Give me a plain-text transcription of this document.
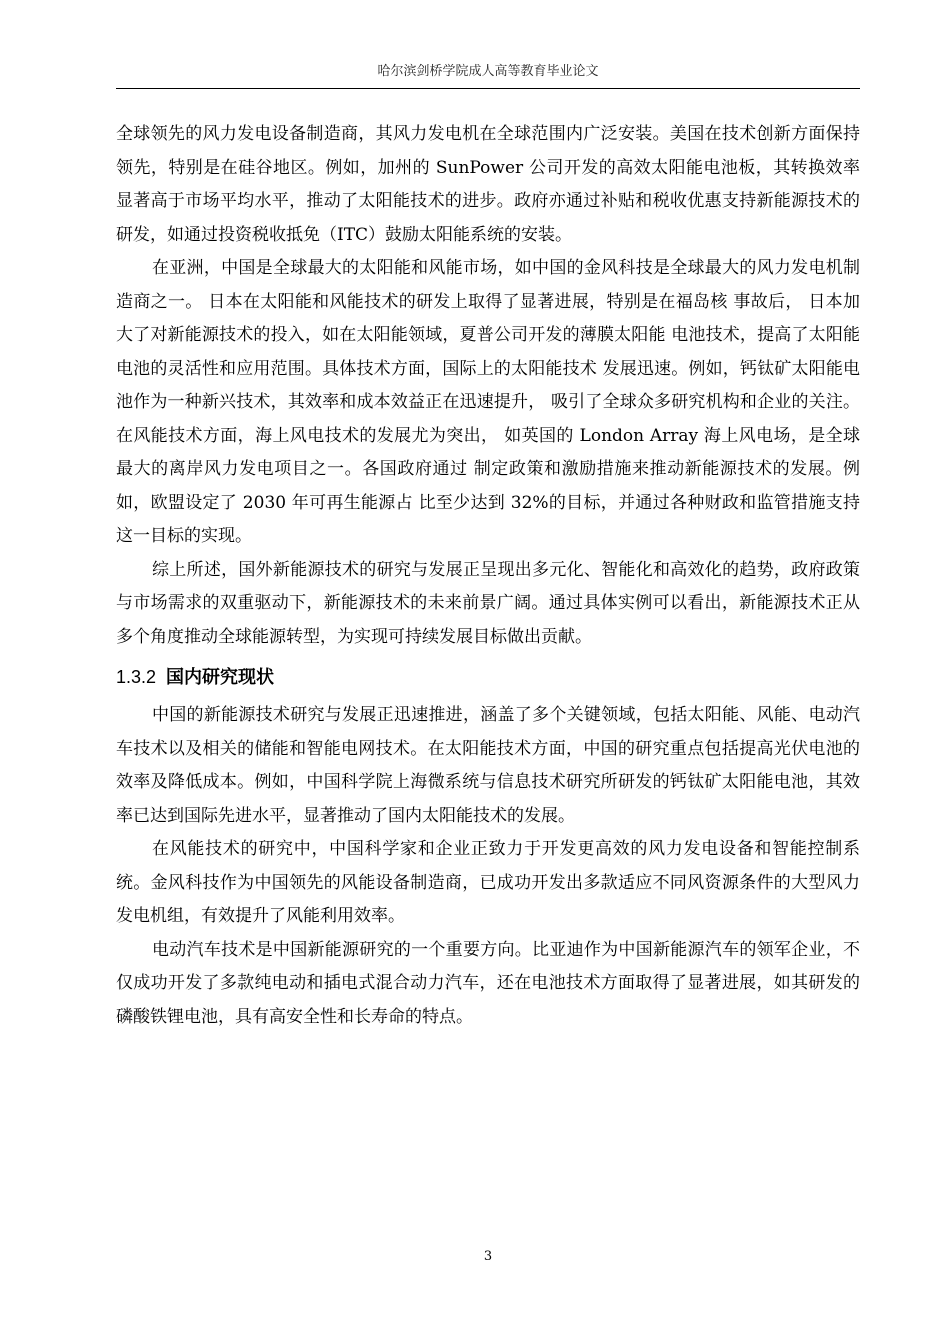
哈尔滨剑桥学院成人高等教育毕业论文

全球领先的风力发电设备制造商，其风力发电机在全球范围内广泛安装。美国在技术创新方面保持领先，特别是在硅谷地区。例如，加州的 SunPower 公司开发的高效太阳能电池板，其转换效率显著高于市场平均水平，推动了太阳能技术的进步。政府亦通过补贴和税收优惠支持新能源技术的研发，如通过投资税收抵免（ITC）鼓励太阳能系统的安装。

在亚洲，中国是全球最大的太阳能和风能市场，如中国的金风科技是全球最大的风力发电机制造商之一。 日本在太阳能和风能技术的研发上取得了显著进展，特别是在福岛核 事故后， 日本加大了对新能源技术的投入，如在太阳能领域，夏普公司开发的薄膜太阳能 电池技术，提高了太阳能电池的灵活性和应用范围。具体技术方面，国际上的太阳能技术 发展迅速。例如，钙钛矿太阳能电池作为一种新兴技术，其效率和成本效益正在迅速提升， 吸引了全球众多研究机构和企业的关注。在风能技术方面，海上风电技术的发展尤为突出， 如英国的 London Array 海上风电场，是全球最大的离岸风力发电项目之一。各国政府通过 制定政策和激励措施来推动新能源技术的发展。例如，欧盟设定了 2030 年可再生能源占 比至少达到 32%的目标，并通过各种财政和监管措施支持这一目标的实现。

综上所述，国外新能源技术的研究与发展正呈现出多元化、智能化和高效化的趋势，政府政策与市场需求的双重驱动下，新能源技术的未来前景广阔。通过具体实例可以看出，新能源技术正从多个角度推动全球能源转型，为实现可持续发展目标做出贡献。

1.3.2 国内研究现状

中国的新能源技术研究与发展正迅速推进，涵盖了多个关键领域，包括太阳能、风能、电动汽车技术以及相关的储能和智能电网技术。在太阳能技术方面，中国的研究重点包括提高光伏电池的效率及降低成本。例如，中国科学院上海微系统与信息技术研究所研发的钙钛矿太阳能电池，其效率已达到国际先进水平，显著推动了国内太阳能技术的发展。

在风能技术的研究中，中国科学家和企业正致力于开发更高效的风力发电设备和智能控制系统。金风科技作为中国领先的风能设备制造商，已成功开发出多款适应不同风资源条件的大型风力发电机组，有效提升了风能利用效率。

电动汽车技术是中国新能源研究的一个重要方向。比亚迪作为中国新能源汽车的领军企业，不仅成功开发了多款纯电动和插电式混合动力汽车，还在电池技术方面取得了显著进展，如其研发的磷酸铁锂电池，具有高安全性和长寿命的特点。

3
